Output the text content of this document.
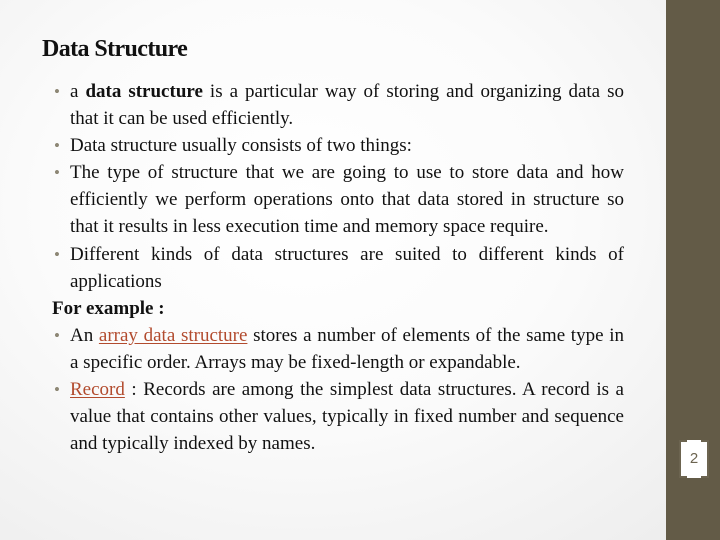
Data Structure
• a data structure is a particular way of storing and organizing data so that it can be used efficiently.
• Data structure usually consists of two things:
• The type of structure that we are going to use to store data and how efficiently we perform operations onto that data stored in structure so that it results in less execution time and memory space require.
• Different kinds of data structures are suited to different kinds of applications
For example :
• An array data structure stores a number of elements of the same type in a specific order. Arrays may be fixed-length or expandable.
• Record : Records are among the simplest data structures. A record is a value that contains other values, typically in fixed number and sequence and typically indexed by names.
2
